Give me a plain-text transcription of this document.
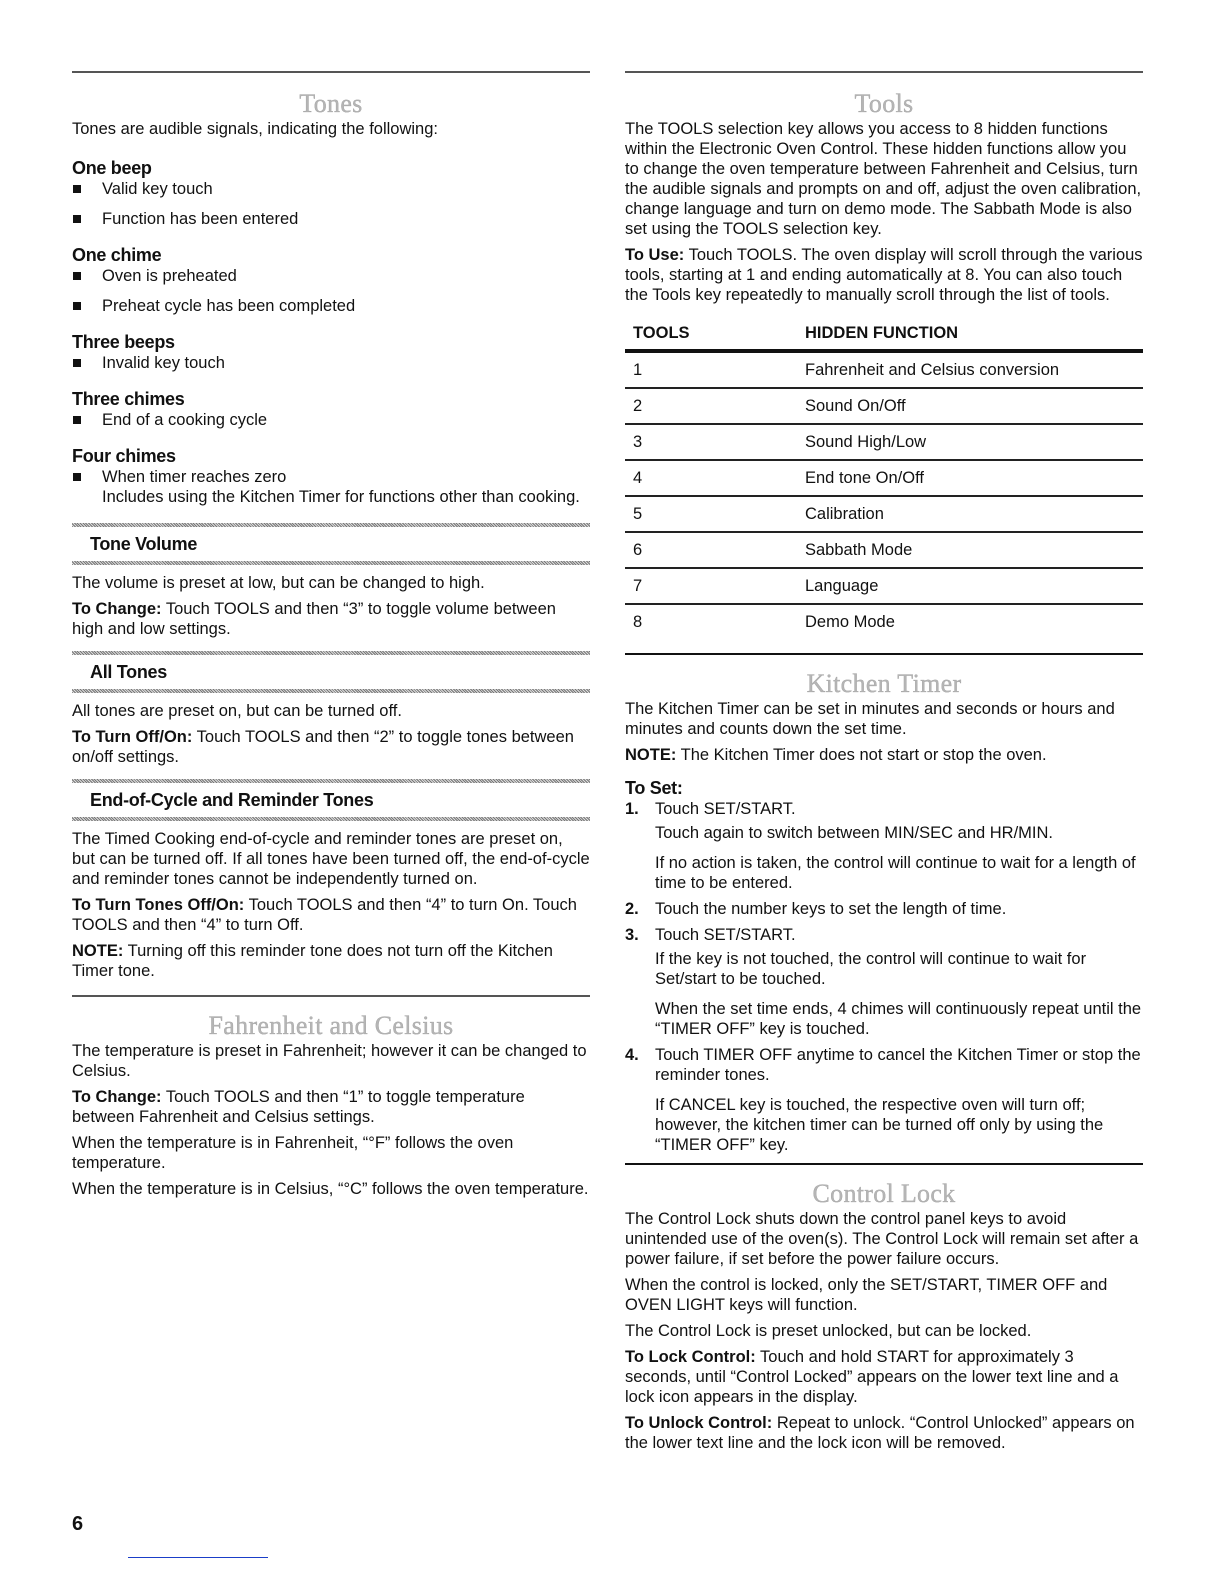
Tones

Tones are audible signals, indicating the following:

One beep
Valid key touch
Function has been entered
One chime
Oven is preheated
Preheat cycle has been completed
Three beeps
Invalid key touch
Three chimes
End of a cooking cycle
Four chimes
When timer reaches zero
Includes using the Kitchen Timer for functions other than cooking.
Tone Volume

The volume is preset at low, but can be changed to high.

To Change: Touch TOOLS and then “3” to toggle volume between high and low settings.

All Tones

All tones are preset on, but can be turned off.

To Turn Off/On: Touch TOOLS and then “2” to toggle tones between on/off settings.

End-of-Cycle and Reminder Tones

The Timed Cooking end-of-cycle and reminder tones are preset on, but can be turned off. If all tones have been turned off, the end-of-cycle and reminder tones cannot be independently turned on.

To Turn Tones Off/On: Touch TOOLS and then “4” to turn On. Touch TOOLS and then “4” to turn Off.

NOTE: Turning off this reminder tone does not turn off the Kitchen Timer tone.

Fahrenheit and Celsius

The temperature is preset in Fahrenheit; however it can be changed to Celsius.

To Change: Touch TOOLS and then “1” to toggle temperature between Fahrenheit and Celsius settings.

When the temperature is in Fahrenheit, “°F” follows the oven temperature.

When the temperature is in Celsius, “°C” follows the oven temperature.

Tools

The TOOLS selection key allows you access to 8 hidden functions within the Electronic Oven Control. These hidden functions allow you to change the oven temperature between Fahrenheit and Celsius, turn the audible signals and prompts on and off, adjust the oven calibration, change language and turn on demo mode. The Sabbath Mode is also set using the TOOLS selection key.

To Use: Touch TOOLS. The oven display will scroll through the various tools, starting at 1 and ending automatically at 8. You can also touch the Tools key repeatedly to manually scroll through the list of tools.

TOOLS	HIDDEN FUNCTION
1	Fahrenheit and Celsius conversion
2	Sound On/Off
3	Sound High/Low
4	End tone On/Off
5	Calibration
6	Sabbath Mode
7	Language
8	Demo Mode
Kitchen Timer

The Kitchen Timer can be set in minutes and seconds or hours and minutes and counts down the set time.

NOTE: The Kitchen Timer does not start or stop the oven.

To Set:
1. Touch SET/START.

Touch again to switch between MIN/SEC and HR/MIN.

If no action is taken, the control will continue to wait for a length of time to be entered.

2. Touch the number keys to set the length of time.

3. Touch SET/START.

If the key is not touched, the control will continue to wait for Set/start to be touched.

When the set time ends, 4 chimes will continuously repeat until the “TIMER OFF” key is touched.

4. Touch TIMER OFF anytime to cancel the Kitchen Timer or stop the reminder tones.

If CANCEL key is touched, the respective oven will turn off; however, the kitchen timer can be turned off only by using the “TIMER OFF” key.

Control Lock

The Control Lock shuts down the control panel keys to avoid unintended use of the oven(s). The Control Lock will remain set after a power failure, if set before the power failure occurs.

When the control is locked, only the SET/START, TIMER OFF and OVEN LIGHT keys will function.

The Control Lock is preset unlocked, but can be locked.

To Lock Control: Touch and hold START for approximately 3 seconds, until “Control Locked” appears on the lower text line and a lock icon appears in the display.

To Unlock Control: Repeat to unlock. “Control Unlocked” appears on the lower text line and the lock icon will be removed.

6
